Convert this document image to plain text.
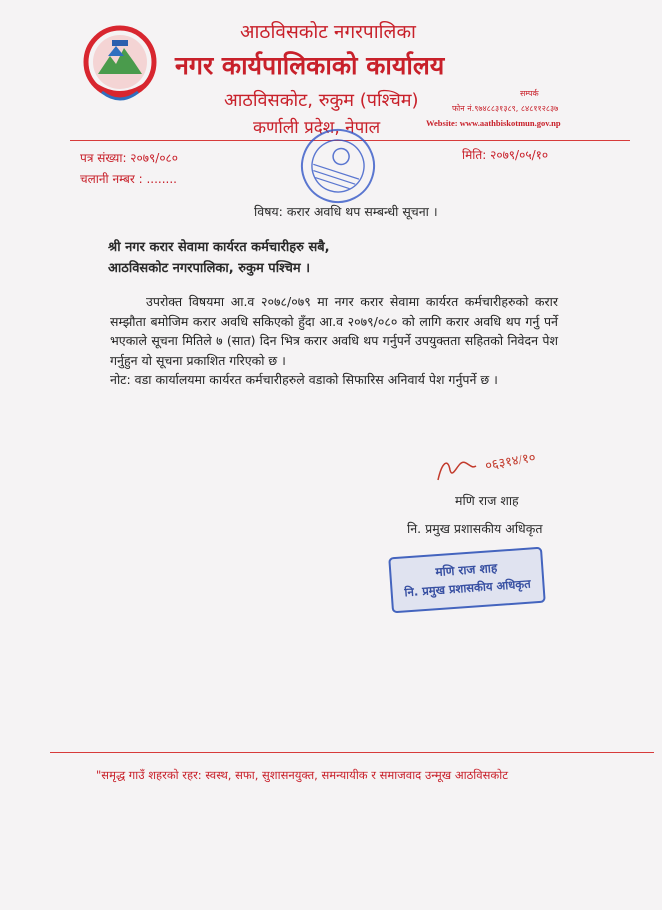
आठविसकोट नगरपालिका
नगर कार्यपालिकाको कार्यालय
आठविसकोट, रुकुम (पश्चिम)
कर्णाली प्रदेश, नेपाल
सम्पर्क
फोन नं.९७४८८३१३८९, ८४८११२८३७
Website: www.aathbiskotmun.gov.np
पत्र संख्या: २०७९/०८०
चलानी नम्बर : ........
मिति: २०७९/०५/१०
विषय: करार अवधि थप सम्बन्धी सूचना ।
श्री नगर करार सेवामा कार्यरत कर्मचारीहरु सबै,
आठविसकोट नगरपालिका, रुकुम पश्चिम ।

उपरोक्त विषयमा आ.व २०७८/०७९ मा नगर करार सेवामा कार्यरत कर्मचारीहरुको करार सम्झौता बमोजिम करार अवधि सकिएको हुँदा आ.व २०७९/०८० को लागि करार अवधि थप गर्नु पर्ने भएकाले सूचना मितिले ७ (सात) दिन भित्र करार अवधि थप गर्नुपर्ने उपयुक्तता सहितको निवेदन पेश गर्नुहुन यो सूचना प्रकाशित गरिएको छ ।

नोट: वडा कार्यालयमा कार्यरत कर्मचारीहरुले वडाको सिफारिस अनिवार्य पेश गर्नुपर्ने छ ।

०६३१४/१०
मणि राज शाह
नि. प्रमुख प्रशासकीय अधिकृत
मणि राज शाह
नि. प्रमुख प्रशासकीय अधिकृत
"समृद्ध गाउँ शहरको रहर: स्वस्थ, सफा, सुशासनयुक्त, समन्यायीक र समाजवाद उन्मूख आठविसकोट
